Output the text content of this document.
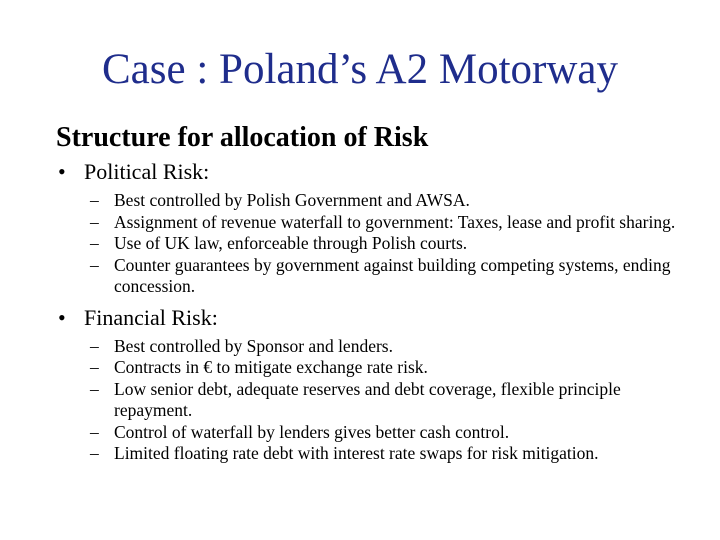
Case : Poland’s A2 Motorway
Structure for allocation of Risk
• Political Risk:
– Best controlled by Polish Government and AWSA.
– Assignment of revenue waterfall to government: Taxes, lease and profit sharing.
– Use of UK law, enforceable through Polish courts.
– Counter guarantees by government against building competing systems, ending concession.
• Financial Risk:
– Best controlled by Sponsor and lenders.
– Contracts in € to mitigate exchange rate risk.
– Low senior debt, adequate reserves and debt coverage, flexible principle repayment.
– Control of waterfall by lenders gives better cash control.
– Limited floating rate debt with interest rate swaps for risk mitigation.
